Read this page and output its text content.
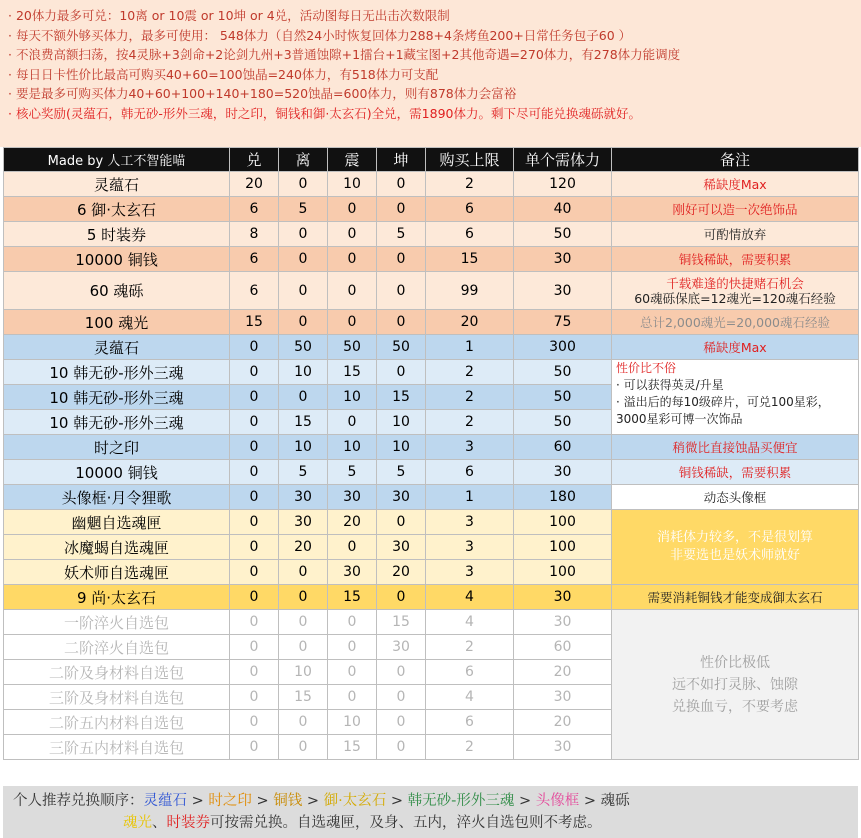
· 20体力最多可兑：10离 or 10震 or 10坤 or 4兑，活动图每日无出击次数限制
· 每天不额外够买体力，最多可使用： 548体力（自然24小时恢复回体力288+4条烤鱼200+日常任务包子60 ）
· 不浪费高额扫荡，按4灵脉+3剑命+2论剑九州+3普通蚀隙+1擂台+1藏宝图+2其他奇遇=270体力，有278体力能调度
· 每日日卡性价比最高可购买40+60=100蚀晶=240体力，有518体力可支配
· 要是最多可购买体力40+60+100+140+180=520蚀晶=600体力，则有878体力会富裕
· 核心奖励(灵蕴石，韩无砂-形外三魂，时之印，铜钱和御·太玄石)全兑，需1890体力。剩下尽可能兑换魂砾就好。
Made by 人工不智能喵	兑	离	震	坤	购买上限	单个需体力	备注
灵蕴石	20	0	10	0	2	120	稀缺度Max
6 御·太玄石	6	5	0	0	6	40	刚好可以造一次绝饰品
5 时装券	8	0	0	5	6	50	可酌情放弃
10000 铜钱	6	0	0	0	15	30	铜钱稀缺，需要积累
60 魂砾	6	0	0	0	99	30	千载难逢的快捷赌石机会
60魂砾保底=12魂光=120魂石经验

100 魂光	15	0	0	0	20	75	总计2,000魂光=20,000魂石经验
灵蕴石	0	50	50	50	1	300	稀缺度Max
10 韩无砂-形外三魂	0	10	15	0	2	50	性价比不俗
· 可以获得英灵/升星
· 溢出后的每10级碎片，可兑100星彩，3000星彩可博一次饰品

10 韩无砂-形外三魂	0	0	10	15	2	50	
10 韩无砂-形外三魂	0	15	0	10	2	50	
时之印	0	10	10	10	3	60	稍微比直接蚀晶买便宜
10000 铜钱	0	5	5	5	6	30	铜钱稀缺，需要积累
头像框·月令狸歌	0	30	30	30	1	180	动态头像框
幽魍自选魂匣	0	30	20	0	3	100	消耗体力较多，不是很划算
非要选也是妖术师就好

冰魔蝎自选魂匣	0	20	0	30	3	100	
妖术师自选魂匣	0	0	30	20	3	100	
9 尚·太玄石	0	0	15	0	4	30	需要消耗铜钱才能变成御太玄石
一阶淬火自选包	0	0	0	15	4	30	性价比极低
远不如打灵脉、蚀隙
兑换血亏，不要考虑

二阶淬火自选包	0	0	0	30	2	60	
二阶及身材料自选包	0	10	0	0	6	20	
三阶及身材料自选包	0	15	0	0	4	30	
二阶五内材料自选包	0	0	10	0	6	20	
三阶五内材料自选包	0	0	15	0	2	30	
个人推荐兑换顺序：灵蕴石 > 时之印 > 铜钱 > 御·太玄石 > 韩无砂-形外三魂 > 头像框 > 魂砾
魂光、时装券可按需兑换。自选魂匣，及身、五内，淬火自选包则不考虑。
